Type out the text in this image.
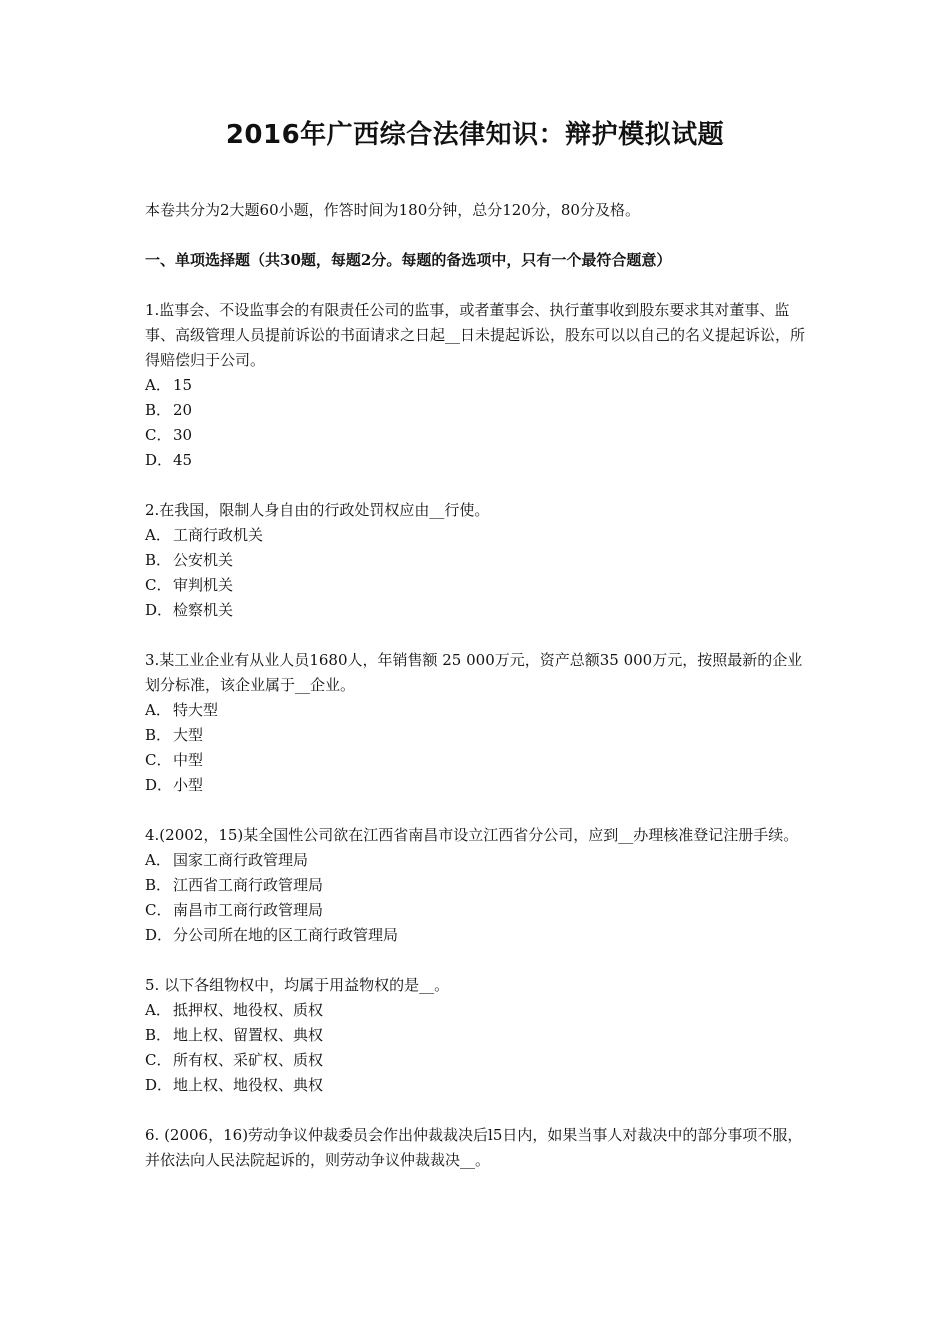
2016年广西综合法律知识：辩护模拟试题

本卷共分为2大题60小题，作答时间为180分钟，总分120分，80分及格。

一、单项选择题（共30题，每题2分。每题的备选项中，只有一个最符合题意）

1.监事会、不设监事会的有限责任公司的监事，或者董事会、执行董事收到股东要求其对董事、监事、高级管理人员提前诉讼的书面请求之日起__日未提起诉讼，股东可以以自己的名义提起诉讼，所得赔偿归于公司。

A． 15
B． 20
C． 30
D． 45

2.在我国，限制人身自由的行政处罚权应由__行使。

A． 工商行政机关
B． 公安机关
C． 审判机关
D． 检察机关

3.某工业企业有从业人员1680人，年销售额 25 000万元，资产总额35 000万元，按照最新的企业划分标准，该企业属于__企业。

A． 特大型
B． 大型
C． 中型
D． 小型

4.(2002，15)某全国性公司欲在江西省南昌市设立江西省分公司，应到__办理核准登记注册手续。

A． 国家工商行政管理局
B． 江西省工商行政管理局
C． 南昌市工商行政管理局
D． 分公司所在地的区工商行政管理局

5. 以下各组物权中，均属于用益物权的是__。

A． 抵押权、地役权、质权
B． 地上权、留置权、典权
C． 所有权、采矿权、质权
D． 地上权、地役权、典权

6. (2006，16)劳动争议仲裁委员会作出仲裁裁决后l5日内，如果当事人对裁决中的部分事项不服，并依法向人民法院起诉的，则劳动争议仲裁裁决__。
